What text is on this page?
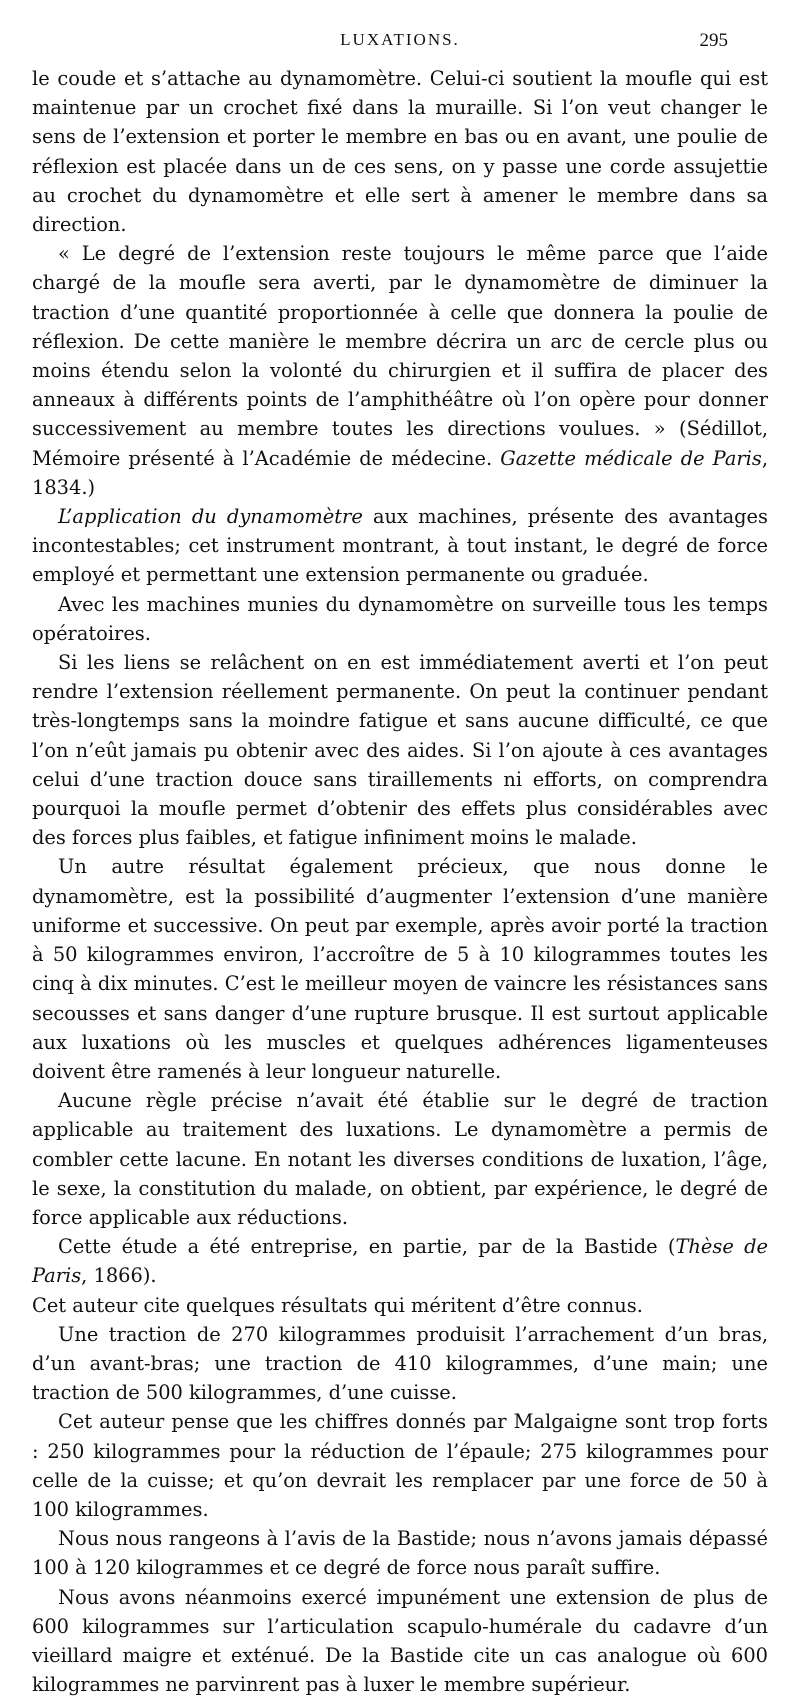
LUXATIONS.	295

le coude et s’attache au dynamomètre. Celui-ci soutient la moufle qui est maintenue par un crochet fixé dans la muraille. Si l’on veut changer le sens de l’extension et porter le membre en bas ou en avant, une poulie de réflexion est placée dans un de ces sens, on y passe une corde assujettie au crochet du dynamomètre et elle sert à amener le membre dans sa direction.

« Le degré de l’extension reste toujours le même parce que l’aide chargé de la moufle sera averti, par le dynamomètre de diminuer la traction d’une quantité proportionnée à celle que donnera la poulie de réflexion. De cette manière le membre décrira un arc de cercle plus ou moins étendu selon la volonté du chirurgien et il suffira de placer des anneaux à différents points de l’amphithéâtre où l’on opère pour donner successivement au membre toutes les directions voulues. » (Sédillot, Mémoire présenté à l’Académie de médecine. Gazette médicale de Paris, 1834.)

L’application du dynamomètre aux machines, présente des avantages incontestables; cet instrument montrant, à tout instant, le degré de force employé et permettant une extension permanente ou graduée.

Avec les machines munies du dynamomètre on surveille tous les temps opératoires.

Si les liens se relâchent on en est immédiatement averti et l’on peut rendre l’extension réellement permanente. On peut la continuer pendant très-longtemps sans la moindre fatigue et sans aucune difficulté, ce que l’on n’eût jamais pu obtenir avec des aides. Si l’on ajoute à ces avantages celui d’une traction douce sans tiraillements ni efforts, on comprendra pourquoi la moufle permet d’obtenir des effets plus considérables avec des forces plus faibles, et fatigue infiniment moins le malade.

Un autre résultat également précieux, que nous donne le dynamomètre, est la possibilité d’augmenter l’extension d’une manière uniforme et successive. On peut par exemple, après avoir porté la traction à 50 kilogrammes environ, l’accroître de 5 à 10 kilogrammes toutes les cinq à dix minutes. C’est le meilleur moyen de vaincre les résistances sans secousses et sans danger d’une rupture brusque. Il est surtout applicable aux luxations où les muscles et quelques adhérences ligamenteuses doivent être ramenés à leur longueur naturelle.

Aucune règle précise n’avait été établie sur le degré de traction applicable au traitement des luxations. Le dynamomètre a permis de combler cette lacune. En notant les diverses conditions de luxation, l’âge, le sexe, la constitution du malade, on obtient, par expérience, le degré de force applicable aux réductions.

Cette étude a été entreprise, en partie, par de la Bastide (Thèse de Paris, 1866).

Cet auteur cite quelques résultats qui méritent d’être connus.

Une traction de 270 kilogrammes produisit l’arrachement d’un bras, d’un avant-bras; une traction de 410 kilogrammes, d’une main; une traction de 500 kilogrammes, d’une cuisse.

Cet auteur pense que les chiffres donnés par Malgaigne sont trop forts : 250 kilogrammes pour la réduction de l’épaule; 275 kilogrammes pour celle de la cuisse; et qu’on devrait les remplacer par une force de 50 à 100 kilogrammes.

Nous nous rangeons à l’avis de la Bastide; nous n’avons jamais dépassé 100 à 120 kilogrammes et ce degré de force nous paraît suffire.

Nous avons néanmoins exercé impunément une extension de plus de 600 kilogrammes sur l’articulation scapulo-humérale du cadavre d’un vieillard maigre et exténué. De la Bastide cite un cas analogue où 600 kilogrammes ne parvinrent pas à luxer le membre supérieur.
